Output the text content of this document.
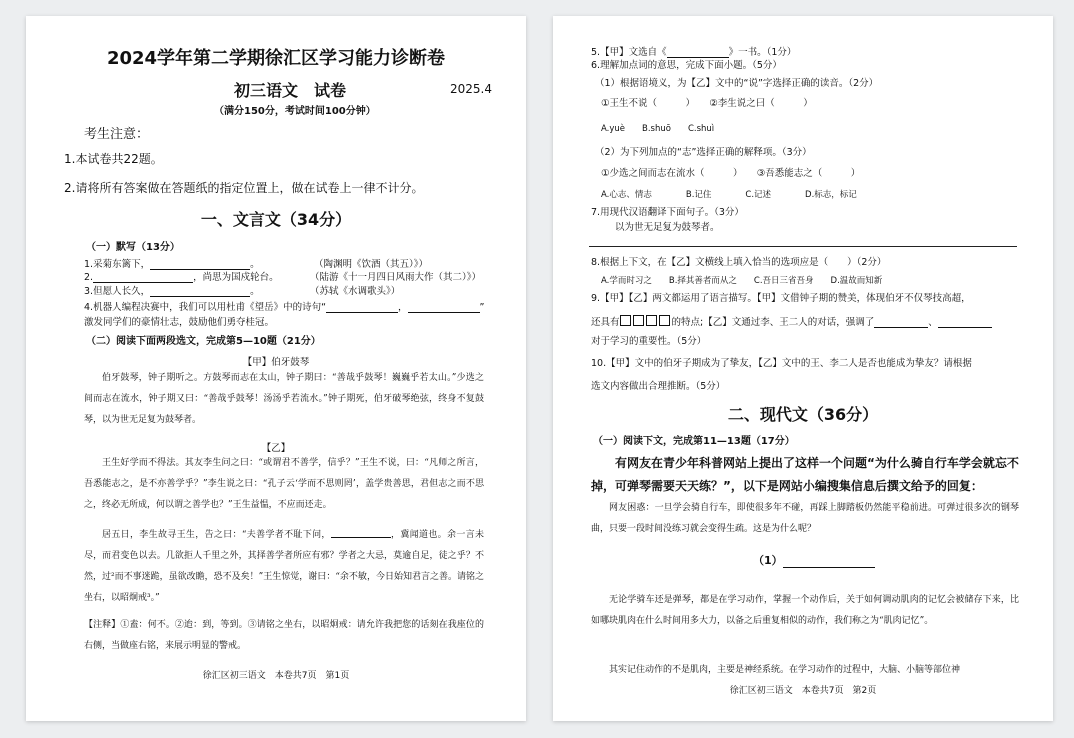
2024学年第二学期徐汇区学习能力诊断卷
初三语文　试卷	2025.4
（满分150分，考试时间100分钟）
考生注意：
1.本试卷共22题。
2.请将所有答案做在答题纸的指定位置上，做在试卷上一律不计分。
一、文言文（34分）
（一）默写（13分）
1.采菊东篱下，	。	（陶渊明《饮酒（其五）》）
2.	，尚思为国戍轮台。	（陆游《十一月四日风雨大作（其二）》）
3.但愿人长久，	。	（苏轼《水调歌头》）
4.机器人编程决赛中，我们可以用杜甫《望岳》中的诗句“	，	”
激发同学们的豪情壮志，鼓励他们勇夺桂冠。
（二）阅读下面两段选文，完成第5—10题（21分）
【甲】伯牙鼓琴
伯牙鼓琴，钟子期听之。方鼓琴而志在太山，钟子期曰：“善哉乎鼓琴！巍巍乎若太山。”少选之间而志在流水，钟子期又曰：“善哉乎鼓琴！汤汤乎若流水。”钟子期死，伯牙破琴绝弦，终身不复鼓琴，以为世无足复为鼓琴者。
【乙】
王生好学而不得法。其友李生问之曰：“或谓君不善学，信乎？”王生不说，曰：“凡师之所言，吾悉能志之，是不亦善学乎？”李生说之曰：“孔子云‘学而不思则罔’，盖学贵善思，君但志之而不思之，终必无所成，何以谓之善学也？”王生益愠，不应而还走。
居五日，李生故寻王生，告之曰：“夫善学者不耻下问，	，冀闻道也。余一言未尽，而君变色以去。几欲拒人千里之外，其择善学者所应有邪？学者之大忌，莫逾自足，徒之乎？不然，过²而不事迷跪，虽欲改瞻，恐不及矣！”王生惊觉，谢曰：“余不敏，今日始知君言之善。请铭之坐右，以昭炯戒³。”
【注释】①盍：何不。②迨：到，等到。③请铭之坐右，以昭炯戒：请允许我把您的话刻在我座位的右侧，当做座右铭，来展示明显的警戒。
徐汇区初三语文　本卷共7页　第1页
5.【甲】文选自《	》一书。（1分）
6.理解加点词的意思，完成下面小题。（5分）
（1）根据语境义，为【乙】文中的“说”字选择正确的读音。（2分）
①王生不说（　　　）　　②李生说之曰（　　　）
A.yuè　　B.shuō　　C.shuì
（2）为下列加点的“志”选择正确的解释项。（3分）
①少选之间而志在流水（　　　）　　③吾悉能志之（　　　）
A.心志、情志　　　　B.记住　　　　C.记述　　　　D.标志，标记
7.用现代汉语翻译下面句子。（3分）
以为世无足复为鼓琴者。
8.根据上下文，在【乙】文横线上填入恰当的选项应是（　　）（2分）
A.学而时习之　　B.择其善者而从之　　C.吾日三省吾身　　D.温故而知新
9.【甲】【乙】两文都运用了语言描写。【甲】文借钟子期的赞美，体现伯牙不仅琴技高超，
还具有	的特点;【乙】文通过李、王二人的对话，强调了	、
对于学习的重要性。（5分）
10.【甲】文中的伯牙子期成为了挚友，【乙】文中的王、李二人是否也能成为挚友？请根据
选文内容做出合理推断。（5分）
二、现代文（36分）
（一）阅读下文，完成第11—13题（17分）
有网友在青少年科普网站上提出了这样一个问题“为什么骑自行车学会就忘不掉，可弹琴需要天天练？”，以下是网站小编搜集信息后撰文给予的回复：
网友困惑：一旦学会骑自行车，即使很多年不碰，再踩上脚踏板仍然能平稳前进。可弹过很多次的钢琴曲，只要一段时间没练习就会变得生疏。这是为什么呢？
（1）
无论学骑车还是弹琴，都是在学习动作，掌握一个动作后，关于如何调动肌肉的记忆会被储存下来，比如哪块肌肉在什么时间用多大力，以备之后重复相似的动作，我们称之为“肌肉记忆”。
其实记住动作的不是肌肉，主要是神经系统。在学习动作的过程中，大脑、小脑等部位神
徐汇区初三语文　本卷共7页　第2页
